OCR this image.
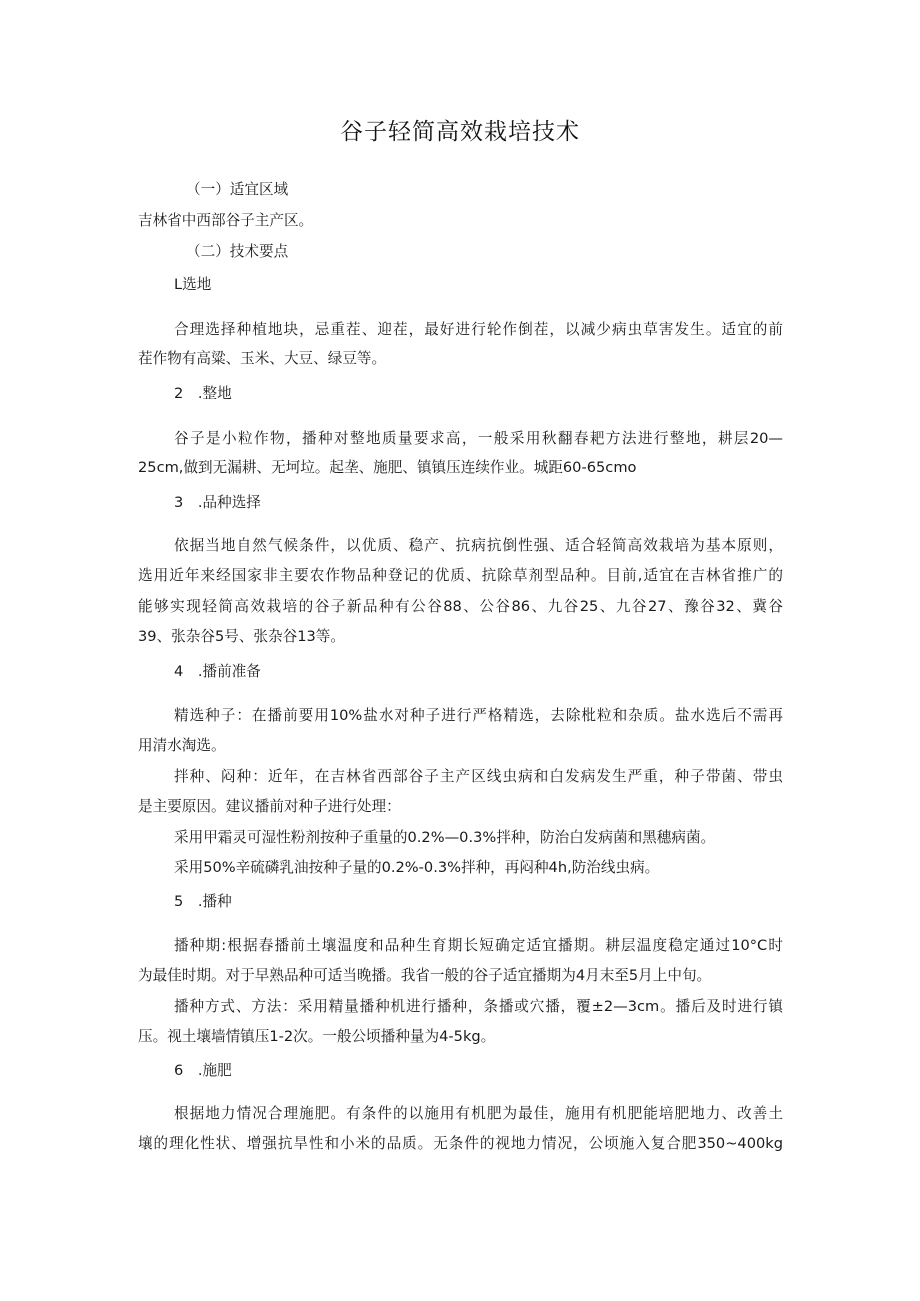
谷子轻简高效栽培技术
（一）适宜区域
吉林省中西部谷子主产区。
（二）技术要点
L选地
合理选择种植地块，忌重茬、迎茬，最好进行轮作倒茬，以减少病虫草害发生。适宜的前
茬作物有高粱、玉米、大豆、绿豆等。
2　.整地
谷子是小粒作物，播种对整地质量要求高，一般采用秋翻春耙方法进行整地，耕层20—
25cm,做到无漏耕、无坷垃。起垄、施肥、镇镇压连续作业。城距60-65cmo
3　.品种选择
依据当地自然气候条件，以优质、稳产、抗病抗倒性强、适合轻简高效栽培为基本原则，
选用近年来经国家非主要农作物品种登记的优质、抗除草剂型品种。目前,适宜在吉林省推广的
能够实现轻简高效栽培的谷子新品种有公谷88、公谷86、九谷25、九谷27、豫谷32、冀谷
39、张杂谷5号、张杂谷13等。
4　.播前准备
精选种子：在播前要用10%盐水对种子进行严格精选，去除枇粒和杂质。盐水选后不需再
用清水淘选。
拌种、闷种：近年，在吉林省西部谷子主产区线虫病和白发病发生严重，种子带菌、带虫
是主要原因。建议播前对种子进行处理：
采用甲霜灵可湿性粉剂按种子重量的0.2%—0.3%拌种，防治白发病菌和黑穗病菌。
采用50%辛硫磷乳油按种子量的0.2%-0.3%拌种，再闷种4h,防治线虫病。
5　.播种
播种期:根据春播前土壤温度和品种生育期长短确定适宜播期。耕层温度稳定通过10°C时
为最佳时期。对于早熟品种可适当晚播。我省一般的谷子适宜播期为4月末至5月上中旬。
播种方式、方法：采用精量播种机进行播种，条播或穴播，覆±2—3cm。播后及时进行镇
压。视土壤墙情镇压1-2次。一般公顷播种量为4-5kg。
6　.施肥
根据地力情况合理施肥。有条件的以施用有机肥为最佳，施用有机肥能培肥地力、改善土
壤的理化性状、增强抗旱性和小米的品质。无条件的视地力情况，公顷施入复合肥350~400kg
